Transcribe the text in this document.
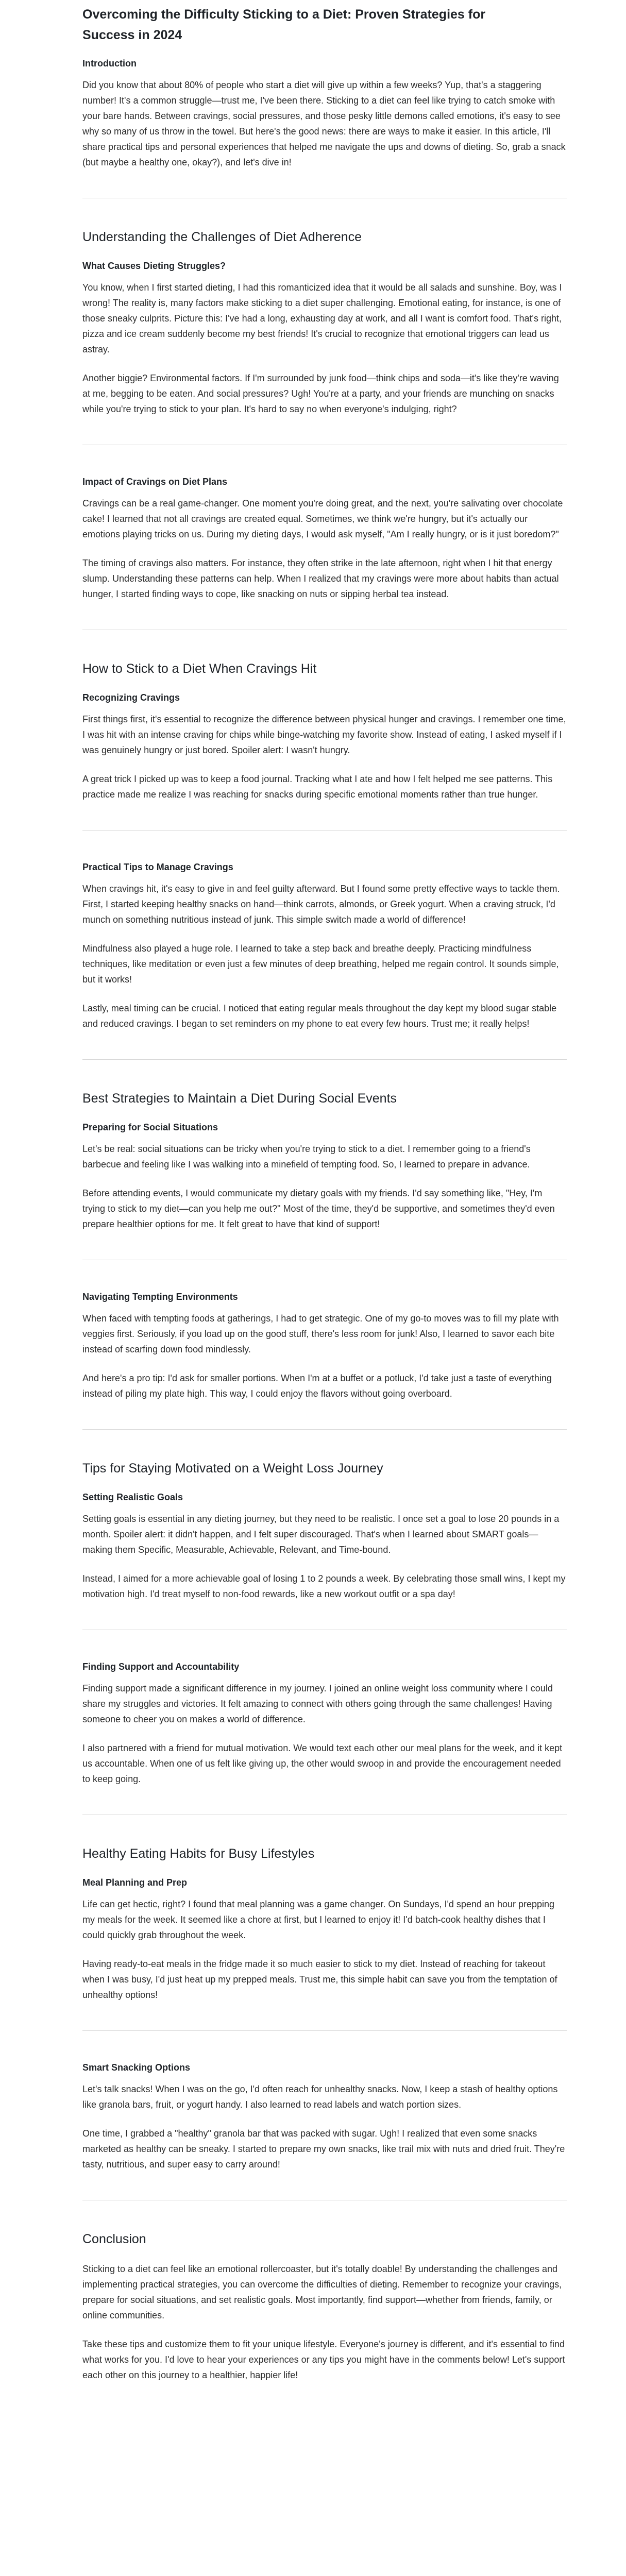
Overcoming the Difficulty Sticking to a Diet: Proven Strategies for Success in 2024
Introduction

Did you know that about 80% of people who start a diet will give up within a few weeks? Yup, that's a staggering number! It's a common struggle—trust me, I've been there. Sticking to a diet can feel like trying to catch smoke with your bare hands. Between cravings, social pressures, and those pesky little demons called emotions, it's easy to see why so many of us throw in the towel. But here's the good news: there are ways to make it easier. In this article, I'll share practical tips and personal experiences that helped me navigate the ups and downs of dieting. So, grab a snack (but maybe a healthy one, okay?), and let's dive in!

Understanding the Challenges of Diet Adherence
What Causes Dieting Struggles?

You know, when I first started dieting, I had this romanticized idea that it would be all salads and sunshine. Boy, was I wrong! The reality is, many factors make sticking to a diet super challenging. Emotional eating, for instance, is one of those sneaky culprits. Picture this: I've had a long, exhausting day at work, and all I want is comfort food. That's right, pizza and ice cream suddenly become my best friends! It's crucial to recognize that emotional triggers can lead us astray.

Another biggie? Environmental factors. If I'm surrounded by junk food—think chips and soda—it's like they're waving at me, begging to be eaten. And social pressures? Ugh! You're at a party, and your friends are munching on snacks while you're trying to stick to your plan. It's hard to say no when everyone's indulging, right?

Impact of Cravings on Diet Plans

Cravings can be a real game-changer. One moment you're doing great, and the next, you're salivating over chocolate cake! I learned that not all cravings are created equal. Sometimes, we think we're hungry, but it's actually our emotions playing tricks on us. During my dieting days, I would ask myself, "Am I really hungry, or is it just boredom?"

The timing of cravings also matters. For instance, they often strike in the late afternoon, right when I hit that energy slump. Understanding these patterns can help. When I realized that my cravings were more about habits than actual hunger, I started finding ways to cope, like snacking on nuts or sipping herbal tea instead.

How to Stick to a Diet When Cravings Hit
Recognizing Cravings

First things first, it's essential to recognize the difference between physical hunger and cravings. I remember one time, I was hit with an intense craving for chips while binge-watching my favorite show. Instead of eating, I asked myself if I was genuinely hungry or just bored. Spoiler alert: I wasn't hungry.

A great trick I picked up was to keep a food journal. Tracking what I ate and how I felt helped me see patterns. This practice made me realize I was reaching for snacks during specific emotional moments rather than true hunger.

Practical Tips to Manage Cravings

When cravings hit, it's easy to give in and feel guilty afterward. But I found some pretty effective ways to tackle them. First, I started keeping healthy snacks on hand—think carrots, almonds, or Greek yogurt. When a craving struck, I'd munch on something nutritious instead of junk. This simple switch made a world of difference!

Mindfulness also played a huge role. I learned to take a step back and breathe deeply. Practicing mindfulness techniques, like meditation or even just a few minutes of deep breathing, helped me regain control. It sounds simple, but it works!

Lastly, meal timing can be crucial. I noticed that eating regular meals throughout the day kept my blood sugar stable and reduced cravings. I began to set reminders on my phone to eat every few hours. Trust me; it really helps!

Best Strategies to Maintain a Diet During Social Events
Preparing for Social Situations

Let's be real: social situations can be tricky when you're trying to stick to a diet. I remember going to a friend's barbecue and feeling like I was walking into a minefield of tempting food. So, I learned to prepare in advance.

Before attending events, I would communicate my dietary goals with my friends. I'd say something like, "Hey, I'm trying to stick to my diet—can you help me out?" Most of the time, they'd be supportive, and sometimes they'd even prepare healthier options for me. It felt great to have that kind of support!

Navigating Tempting Environments

When faced with tempting foods at gatherings, I had to get strategic. One of my go-to moves was to fill my plate with veggies first. Seriously, if you load up on the good stuff, there's less room for junk! Also, I learned to savor each bite instead of scarfing down food mindlessly.

And here's a pro tip: I'd ask for smaller portions. When I'm at a buffet or a potluck, I'd take just a taste of everything instead of piling my plate high. This way, I could enjoy the flavors without going overboard.

Tips for Staying Motivated on a Weight Loss Journey
Setting Realistic Goals

Setting goals is essential in any dieting journey, but they need to be realistic. I once set a goal to lose 20 pounds in a month. Spoiler alert: it didn't happen, and I felt super discouraged. That's when I learned about SMART goals—making them Specific, Measurable, Achievable, Relevant, and Time-bound.

Instead, I aimed for a more achievable goal of losing 1 to 2 pounds a week. By celebrating those small wins, I kept my motivation high. I'd treat myself to non-food rewards, like a new workout outfit or a spa day!

Finding Support and Accountability

Finding support made a significant difference in my journey. I joined an online weight loss community where I could share my struggles and victories. It felt amazing to connect with others going through the same challenges! Having someone to cheer you on makes a world of difference.

I also partnered with a friend for mutual motivation. We would text each other our meal plans for the week, and it kept us accountable. When one of us felt like giving up, the other would swoop in and provide the encouragement needed to keep going.

Healthy Eating Habits for Busy Lifestyles
Meal Planning and Prep

Life can get hectic, right? I found that meal planning was a game changer. On Sundays, I'd spend an hour prepping my meals for the week. It seemed like a chore at first, but I learned to enjoy it! I'd batch-cook healthy dishes that I could quickly grab throughout the week.

Having ready-to-eat meals in the fridge made it so much easier to stick to my diet. Instead of reaching for takeout when I was busy, I'd just heat up my prepped meals. Trust me, this simple habit can save you from the temptation of unhealthy options!

Smart Snacking Options

Let's talk snacks! When I was on the go, I'd often reach for unhealthy snacks. Now, I keep a stash of healthy options like granola bars, fruit, or yogurt handy. I also learned to read labels and watch portion sizes.

One time, I grabbed a "healthy" granola bar that was packed with sugar. Ugh! I realized that even some snacks marketed as healthy can be sneaky. I started to prepare my own snacks, like trail mix with nuts and dried fruit. They're tasty, nutritious, and super easy to carry around!

Conclusion

Sticking to a diet can feel like an emotional rollercoaster, but it's totally doable! By understanding the challenges and implementing practical strategies, you can overcome the difficulties of dieting. Remember to recognize your cravings, prepare for social situations, and set realistic goals. Most importantly, find support—whether from friends, family, or online communities.

Take these tips and customize them to fit your unique lifestyle. Everyone's journey is different, and it's essential to find what works for you. I'd love to hear your experiences or any tips you might have in the comments below! Let's support each other on this journey to a healthier, happier life!
